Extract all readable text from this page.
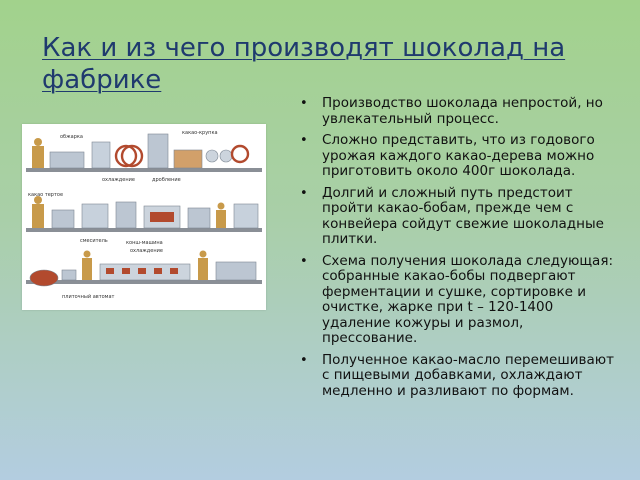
Как и из чего производят шоколад на фабрике
обжарка
какао-крупка
охлаждение	дробление
какао тертое
смеситель	конш-машина
охлаждение
плиточный автомат
• Производство шоколада непростой, но увлекательный процесс.
• Сложно представить, что из годового урожая каждого какао-дерева можно приготовить около 400г шоколада.
• Долгий и сложный путь предстоит пройти какао-бобам, прежде чем с конвейера сойдут свежие шоколадные плитки.
• Схема получения шоколада следующая: собранные какао-бобы подвергают ферментации и сушке, сортировке и очистке, жарке при t – 120-1400 удаление кожуры и размол, прессование.
• Полученное какао-масло перемешивают с пищевыми добавками, охлаждают медленно и разливают по формам.
